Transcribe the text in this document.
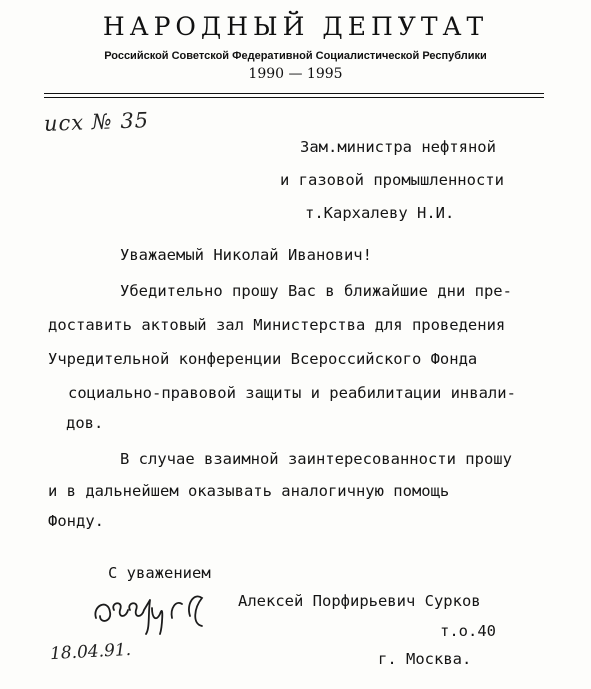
НАРОДНЫЙ ДЕПУТАТ
Российской Советской Федеративной Социалистической Республики
1990 — 1995
исх № 35
Зам.министра нефтяной
и газовой промышленности
т.Кархалеву Н.И.
Уважаемый Николай Иванович!
Убедительно прошу Вас в ближайшие дни пре-
доставить актовый зал Министерства для проведения
Учредительной конференции Всероссийского Фонда
социально-правовой защиты и реабилитации инвали-
дов.
В случае взаимной заинтересованности прошу
и в дальнейшем оказывать аналогичную помощь
Фонду.
С уважением
Алексей Порфирьевич Сурков
т.о.40
г. Москва.
18.04.91.
